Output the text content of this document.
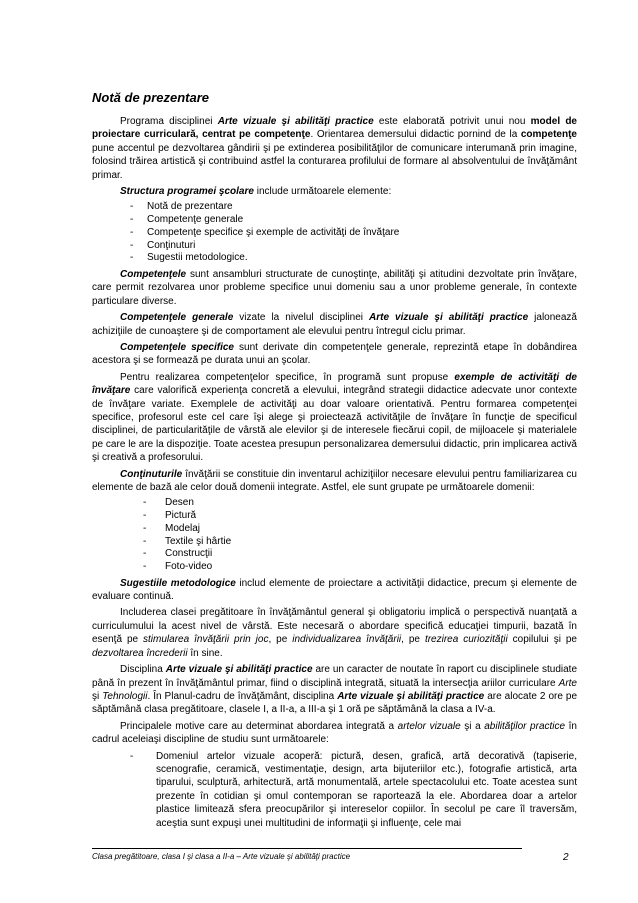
Notă de prezentare

Programa disciplinei Arte vizuale şi abilităţi practice este elaborată potrivit unui nou model de proiectare curriculară, centrat pe competenţe. Orientarea demersului didactic pornind de la competenţe pune accentul pe dezvoltarea gândirii şi pe extinderea posibilităţilor de comunicare interumană prin imagine, folosind trăirea artistică şi contribuind astfel la conturarea profilului de formare al absolventului de învăţământ primar.

Structura programei şcolare include următoarele elemente:

- Notă de prezentare
- Competenţe generale
- Competenţe specifice şi exemple de activităţi de învăţare
- Conţinuturi
- Sugestii metodologice.

Competenţele sunt ansambluri structurate de cunoştinţe, abilităţi şi atitudini dezvoltate prin învăţare, care permit rezolvarea unor probleme specifice unui domeniu sau a unor probleme generale, în contexte particulare diverse.

Competenţele generale vizate la nivelul disciplinei Arte vizuale şi abilităţi practice jalonează achiziţiile de cunoaştere şi de comportament ale elevului pentru întregul ciclu primar.

Competenţele specifice sunt derivate din competenţele generale, reprezintă etape în dobândirea acestora şi se formează pe durata unui an şcolar.

Pentru realizarea competenţelor specifice, în programă sunt propuse exemple de activităţi de învăţare care valorifică experienţa concretă a elevului, integrând strategii didactice adecvate unor contexte de învăţare variate. Exemplele de activităţi au doar valoare orientativă. Pentru formarea competenţei specifice, profesorul este cel care îşi alege şi proiectează activităţile de învăţare în funcţie de specificul disciplinei, de particularităţile de vârstă ale elevilor şi de interesele fiecărui copil, de mijloacele şi materialele pe care le are la dispoziţie. Toate acestea presupun personalizarea demersului didactic, prin implicarea activă şi creativă a profesorului.

Conţinuturile învăţării se constituie din inventarul achiziţiilor necesare elevului pentru familiarizarea cu elemente de bază ale celor două domenii integrate. Astfel, ele sunt grupate pe următoarele domenii:

- Desen
- Pictură
- Modelaj
- Textile şi hârtie
- Construcţii
- Foto-video

Sugestiile metodologice includ elemente de proiectare a activităţii didactice, precum şi elemente de evaluare continuă.

Includerea clasei pregătitoare în învăţământul general şi obligatoriu implică o perspectivă nuanţată a curriculumului la acest nivel de vârstă. Este necesară o abordare specifică educaţiei timpurii, bazată în esenţă pe stimularea învăţării prin joc, pe individualizarea învăţării, pe trezirea curiozităţii copilului şi pe dezvoltarea încrederii în sine.

Disciplina Arte vizuale şi abilităţi practice are un caracter de noutate în raport cu disciplinele studiate până în prezent în învăţământul primar, fiind o disciplină integrată, situată la intersecţia ariilor curriculare Arte şi Tehnologii. În Planul-cadru de învăţământ, disciplina Arte vizuale şi abilităţi practice are alocate 2 ore pe săptămână clasa pregătitoare, clasele I, a II-a, a III-a şi 1 oră pe săptămână la clasa a IV-a.

Principalele motive care au determinat abordarea integrată a artelor vizuale şi a abilităţilor practice în cadrul aceleiaşi discipline de studiu sunt următoarele:

- Domeniul artelor vizuale acoperă: pictură, desen, grafică, artă decorativă (tapiserie, scenografie, ceramică, vestimentaţie, design, arta bijuteriilor etc.), fotografie artistică, arta tiparului, sculptură, arhitectură, artă monumentală, artele spectacolului etc. Toate acestea sunt prezente în cotidian şi omul contemporan se raportează la ele. Abordarea doar a artelor plastice limitează sfera preocupărilor şi intereselor copiilor. În secolul pe care îl traversăm, aceştia sunt expuşi unei multitudini de informaţii şi influenţe, cele mai
Clasa pregătitoare, clasa I şi clasa a II-a – Arte vizuale şi abilităţi practice	2
